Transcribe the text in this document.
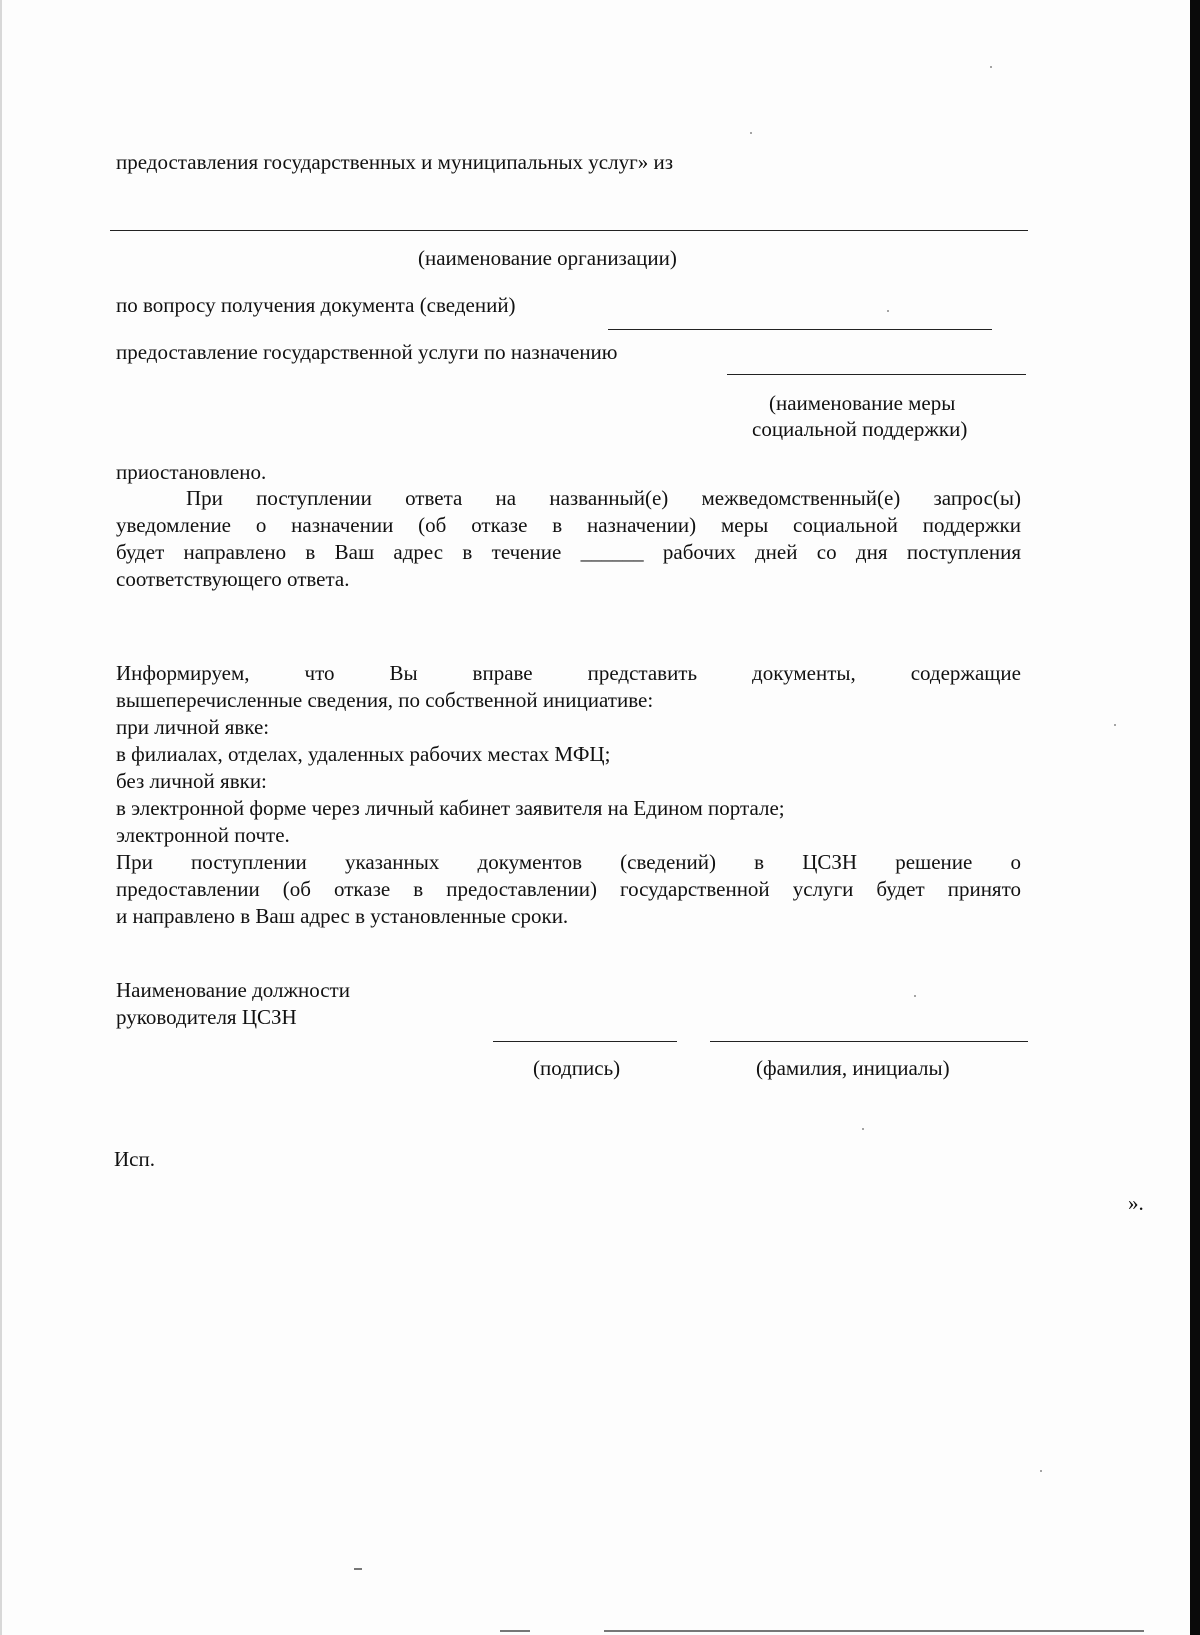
предоставления государственных и муниципальных услуг» из
(наименование организации)
по вопросу получения документа (сведений)
предоставление государственной услуги по назначению
(наименование меры
социальной поддержки)
приостановлено.
При поступлении ответа на названный(е) межведомственный(е) запрос(ы)
уведомление о назначении (об отказе в назначении) меры социальной поддержки
будет направлено в Ваш адрес в течение ______ рабочих дней со дня поступления
соответствующего ответа.
Информируем, что Вы вправе представить документы, содержащие
вышеперечисленные сведения, по собственной инициативе:
при личной явке:
в филиалах, отделах, удаленных рабочих местах МФЦ;
без личной явки:
в электронной форме через личный кабинет заявителя на Едином портале;
электронной почте.
При поступлении указанных документов (сведений) в ЦСЗН решение о
предоставлении (об отказе в предоставлении) государственной услуги будет принято
и направлено в Ваш адрес в установленные сроки.
Наименование должности
руководителя ЦСЗН
(подпись)	(фамилия, инициалы)
Исп.
».
